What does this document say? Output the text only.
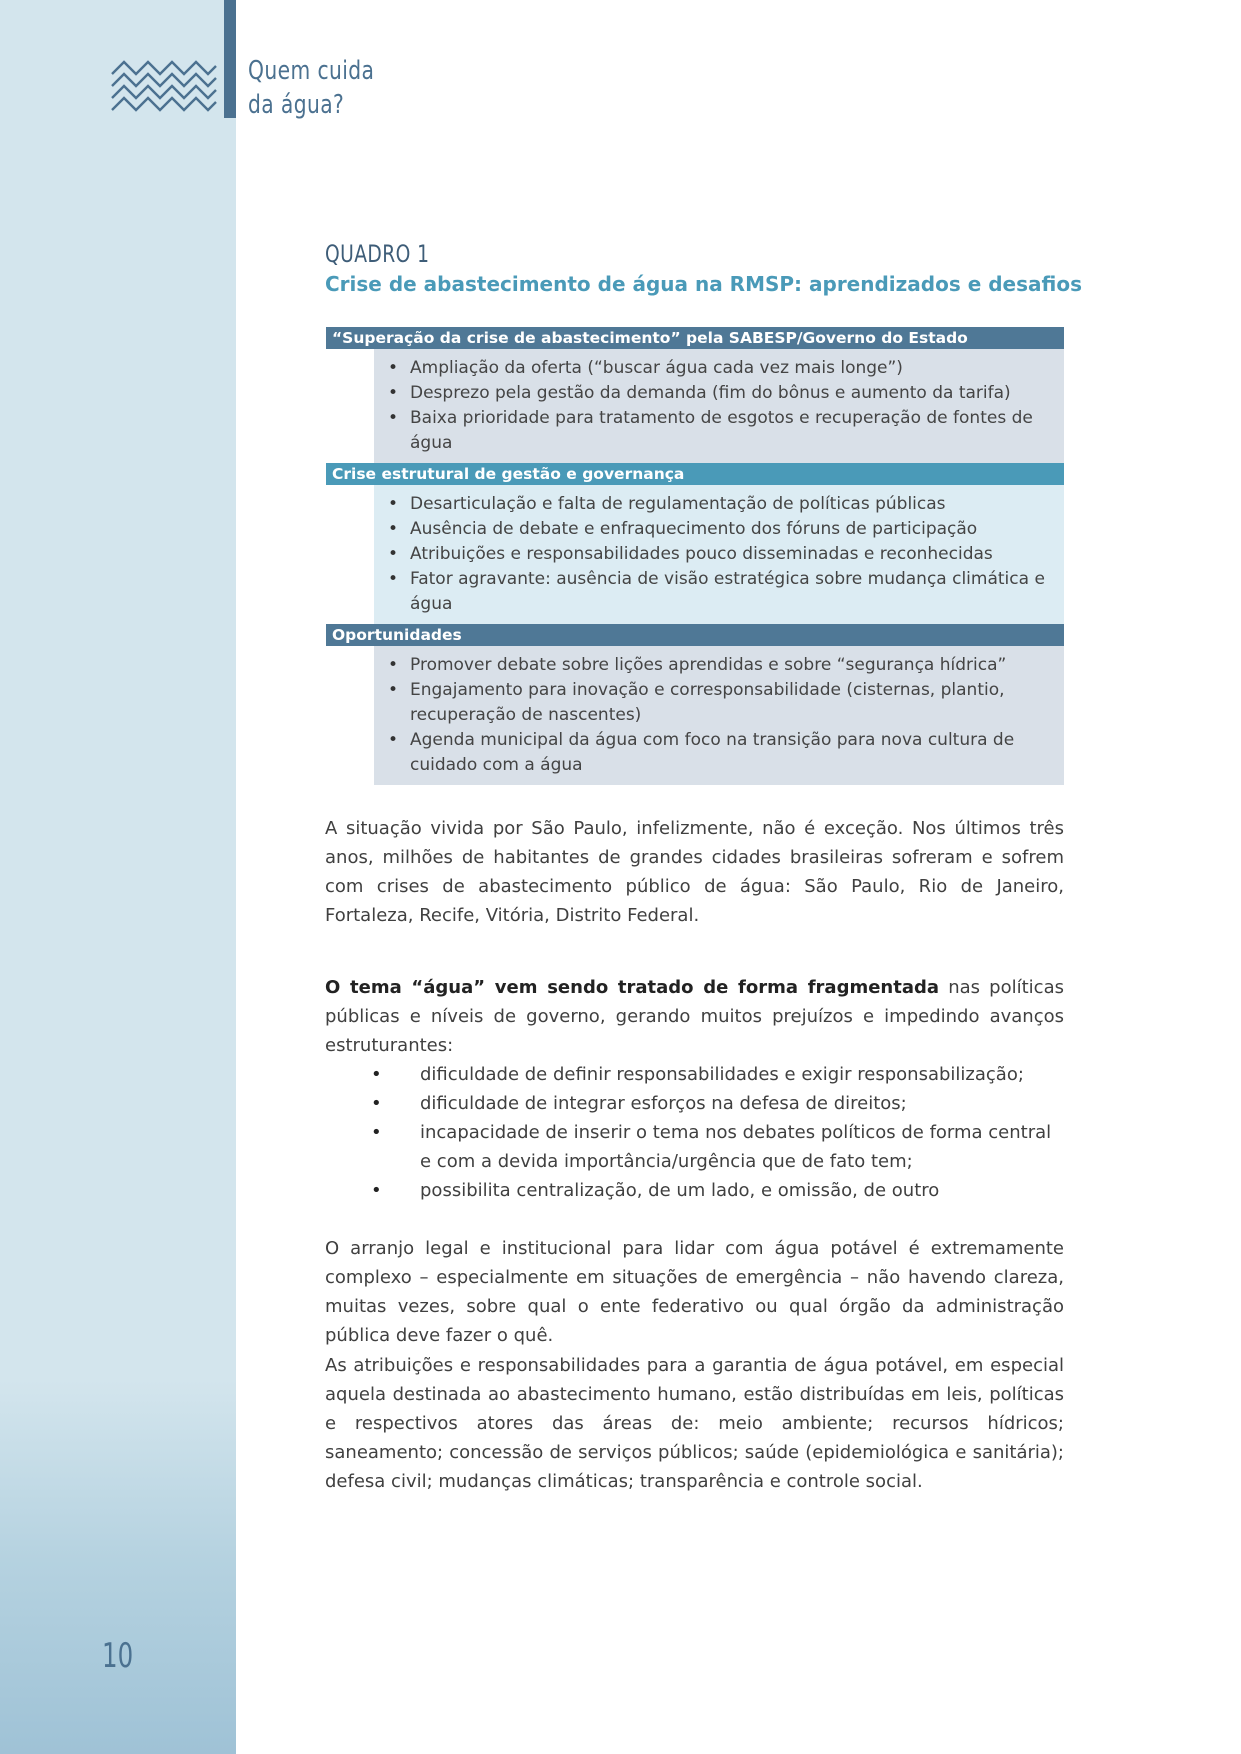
Quem cuida
da água?
QUADRO 1
Crise de abastecimento de água na RMSP: aprendizados e desafios
“Superação da crise de abastecimento” pela SABESP/Governo do Estado
• Ampliação da oferta (“buscar água cada vez mais longe”)
• Desprezo pela gestão da demanda (fim do bônus e aumento da tarifa)
• Baixa prioridade para tratamento de esgotos e recuperação de fontes de água
Crise estrutural de gestão e governança
• Desarticulação e falta de regulamentação de políticas públicas
• Ausência de debate e enfraquecimento dos fóruns de participação
• Atribuições e responsabilidades pouco disseminadas e reconhecidas
• Fator agravante: ausência de visão estratégica sobre mudança climática e água
Oportunidades
• Promover debate sobre lições aprendidas e sobre “segurança hídrica”
• Engajamento para inovação e corresponsabilidade (cisternas, plantio,
recuperação de nascentes)
• Agenda municipal da água com foco na transição para nova cultura de
cuidado com a água

A situação vivida por São Paulo, infelizmente, não é exceção. Nos últimos três anos, milhões de habitantes de grandes cidades brasileiras sofreram e sofrem com crises de abastecimento público de água: São Paulo, Rio de Janeiro, Fortaleza, Recife, Vitória, Distrito Federal.

O tema “água” vem sendo tratado de forma fragmentada nas políticas públicas e níveis de governo, gerando muitos prejuízos e impedindo avanços estruturantes:

• dificuldade de definir responsabilidades e exigir responsabilização;
• dificuldade de integrar esforços na defesa de direitos;
• incapacidade de inserir o tema nos debates políticos de forma central e com a devida importância/urgência que de fato tem;
• possibilita centralização, de um lado, e omissão, de outro

O arranjo legal e institucional para lidar com água potável é extremamente complexo – especialmente em situações de emergência – não havendo clareza, muitas vezes, sobre qual o ente federativo ou qual órgão da administração pública deve fazer o quê.

As atribuições e responsabilidades para a garantia de água potável, em especial aquela destinada ao abastecimento humano, estão distribuídas em leis, políticas e respectivos atores das áreas de: meio ambiente; recursos hídricos; saneamento; concessão de serviços públicos; saúde (epidemiológica e sanitária); defesa civil; mudanças climáticas; transparência e controle social.

10
